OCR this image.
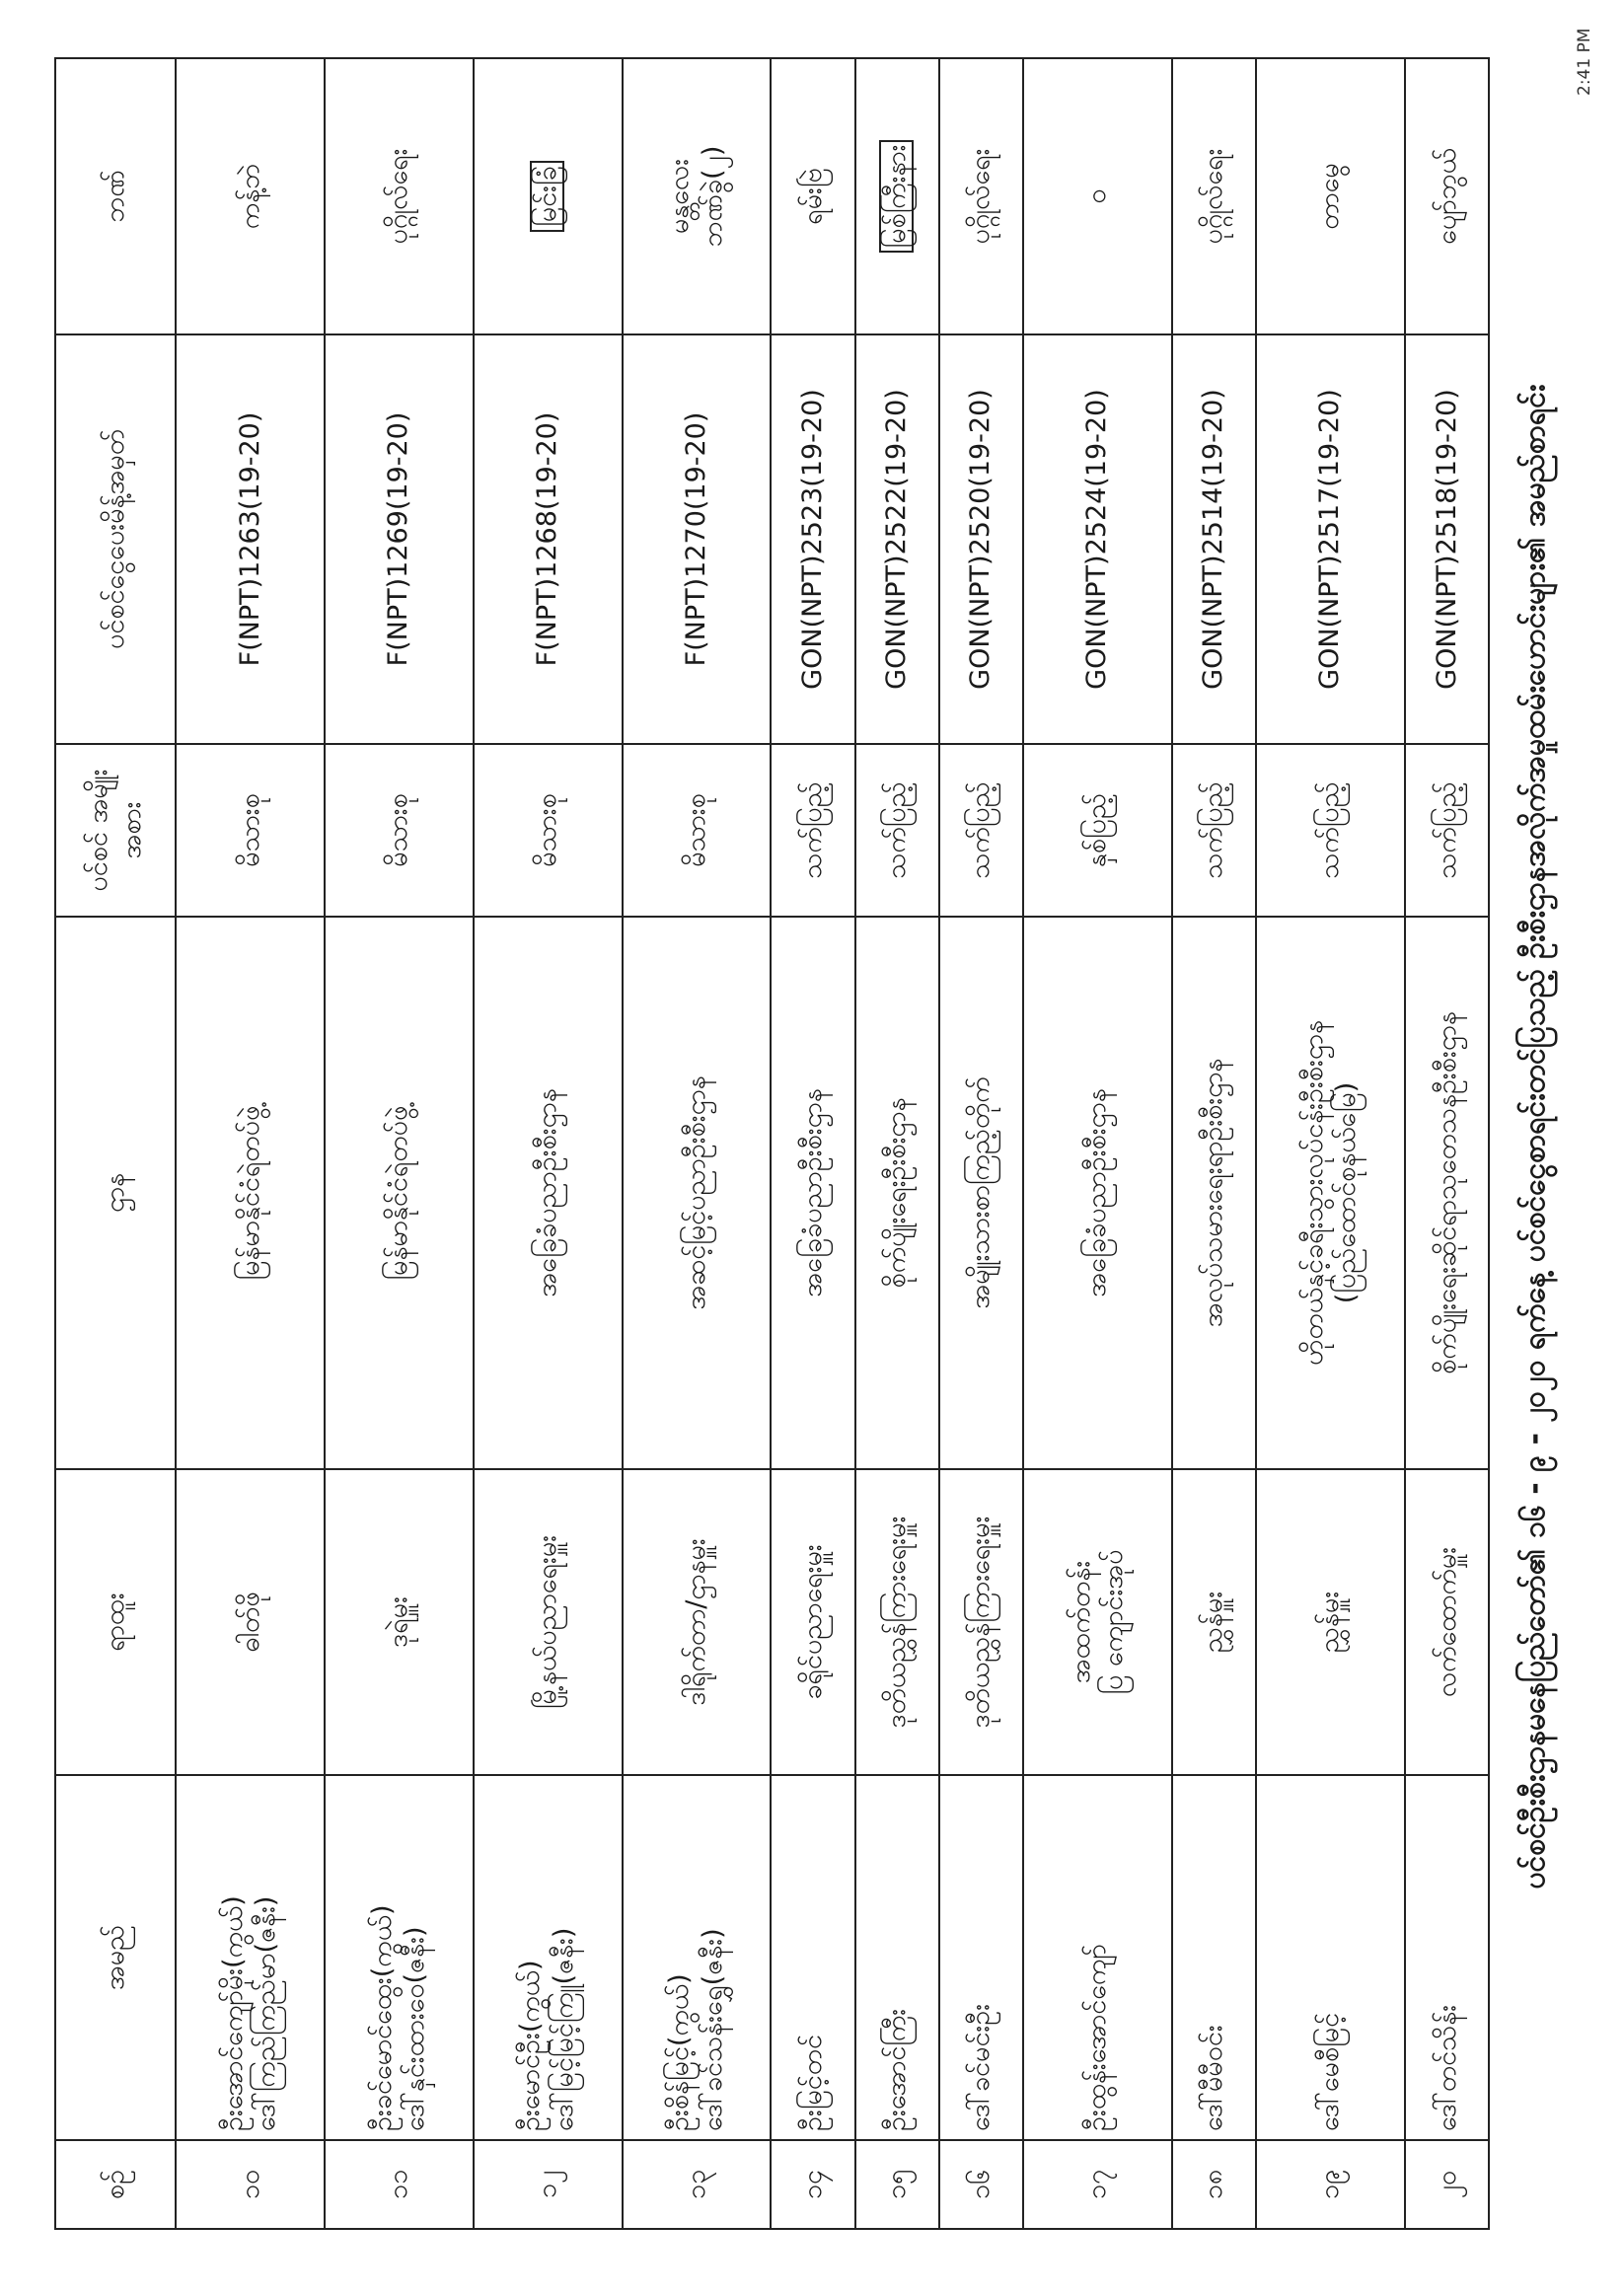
ပင်စင်ဦးစီးဌာနမနေပြည်တော်၏ ၁၆ - ၉ - ၂၀၂၀ ရက်နေ့ ပင်စင်ငွေစာရင်းတင်ပြသည့် ဦးစီးဌာနအလိုက်အမှုထမ်းဟောင်းများ၏ အမည်စာရင်း
2:41 PM
စဉ်	အမည်	ရာထူး	ဌာန	ပင်စင် အမျိုးအစား	ပင်စင်ငွေပေးမိန့်အမှတ်	ဘဏ်
၁၀	ဦးအောင်ကျော်မိုး(ကွယ်) ဒေါ်ကြည်ကြည်မာ(ဇနီး)	ဓါတ်ဖို	မြန်မာနိုင်ငံရဲတပ်ဖွဲ့	မိသားစု	F(NPT)1263(19-20)	ကန့်ဘဲ
၁၁	ဦးခင်မောင်ထွေး(ကွယ်) ဒေါ်နှင်းထားဝေ(ဇနီး)	ဒုရဲမှူး	မြန်မာနိုင်ငံရဲတပ်ဖွဲ့	မိသားစု	F(NPT)1269(19-20)	ပုဂ္ဂိုလ်ရေး
၁၂	ဦးမောင်ဦး(ကွယ်) ဒေါ်မြင့်မြင့်ကြူ(ဇနီး)	မြို့နယ်ပညာရေးမှူး	အခြေခံပညာဦးစီးဌာန	မိသားစု	F(NPT)1268(19-20)	မြင်းခြံ
၁၃	ဦးစိန်မြင့်(ကွယ်) ဒေါ်ခင်သန်းရွှေ(ဇနီး)	ဒါရိုက်တာ/ဌာနမှူး	အဆင့်မြင့်ပညာဦးစီးဌာန	မိသားစု	F(NPT)1270(19-20)	မန္တလေး ဘဏ်ခွဲ(၂)

၁၄	ဦးမြင့်တင်	ခရိုင်ပညာရေးမှူး	အခြေခံပညာဦးစီးဌာန	သက်ပြည့်	GON(NPT)2523(19-20)	ရမ်းဗြဲ
၁၅	ဦးအောင်ကြီး	ဒုတိယညွှန်ကြားရေးမှူး	စိုက်ပျိုးရေးဦးစီးဌာန	သက်ပြည့်	GON(NPT)2522(19-20)	မြစ်ကြီးနား
၁၆	ဒေါ်ခင်မင်းဦး	ဒုတိယညွှန်ကြားရေးမှူး	အမျိုးသားစာကြည့်တိုက်	သက်ပြည့်	GON(NPT)2520(19-20)	ပုဂ္ဂိုလ်ရေး
၁၇	ဦးထွန်းအောင်ကျော်	အထက်တန်း ပြ ကျောင်းအုပ်	အခြေခံပညာဦးစီးဌာန	နှစ်ပြည့်	GON(NPT)2524(19-20)	ဝ
၁၈	ဒေါ်မီမီဝင်း	ညွှန်မှူး	အလုပ်သမားရေးရာဦးစီးဌာန	သက်ပြည့်	GON(NPT)2514(19-20)	ပုဂ္ဂိုလ်ရေး
၁၉	ဒေါ်မေစီမြင့်	ညွှန်မှူး	ဟိုတယ်နှင့်ခရီးသွားလုပ်ငန်းဦးစီးဌာန (ပြည်ထောင်စုနယ်မြေ)	သက်ပြည့်	GON(NPT)2517(19-20)	တာမွေ
၂၀	ဒေါ်တင်သိန်း	လက်ထောက်မှူး	စိုက်ပျိုးရေးဆိုင်ရာသုတေသနဦးစီးဌာန	သက်ပြည့်	GON(NPT)2518(19-20)	ပျော်ဘွယ်
